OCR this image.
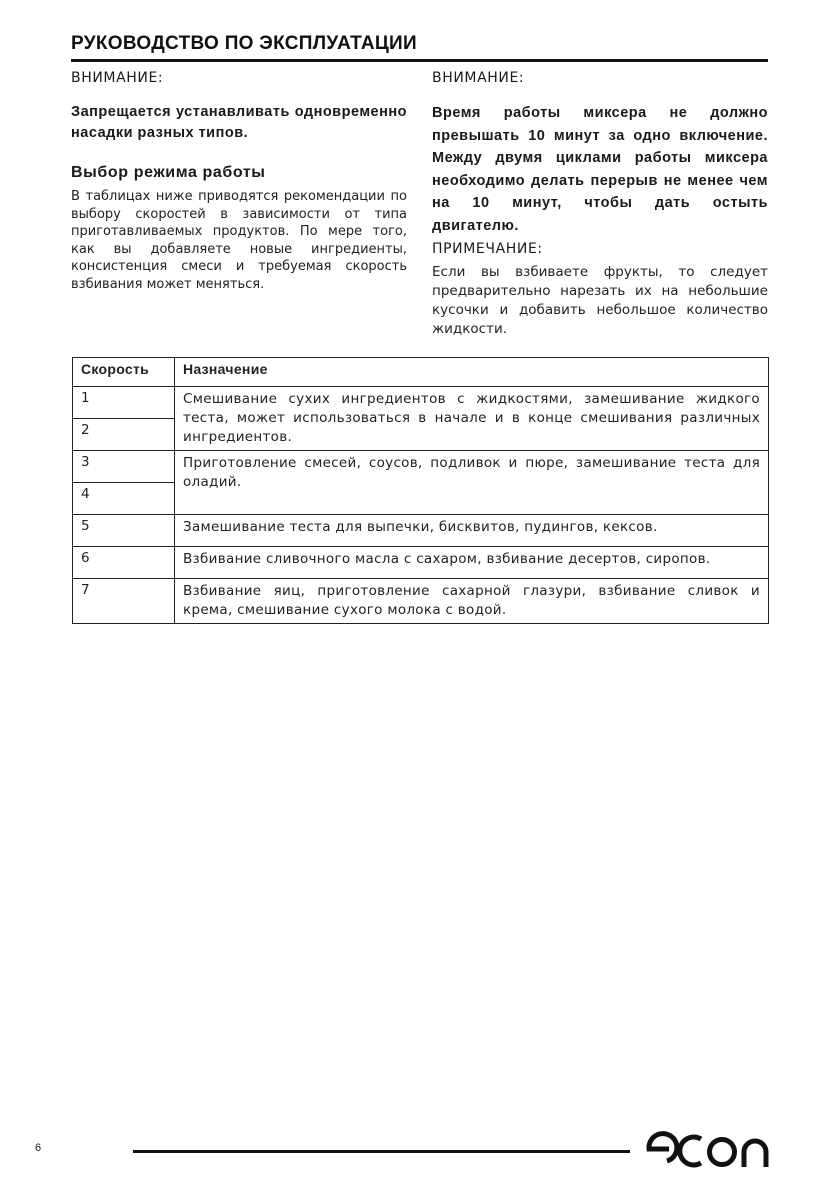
РУКОВОДСТВО ПО ЭКСПЛУАТАЦИИ

ВНИМАНИЕ:

Запрещается устанавливать одновременно насадки разных типов.

Выбор режима работы

В таблицах ниже приводятся рекомендации по выбору скоростей в зависимости от типа приготавливаемых продуктов. По мере того, как вы добавляете новые ингредиенты, консистенция смеси и требуемая скорость взбивания может меняться.

ВНИМАНИЕ:

Время работы миксера не должно превышать 10 минут за одно включение. Между двумя циклами работы миксера необходимо делать перерыв не менее чем на 10 минут, чтобы дать остыть двигателю.

ПРИМЕЧАНИЕ:

Если вы взбиваете фрукты, то следует предварительно нарезать их на небольшие кусочки и добавить небольшое количество жидкости.

Скорость	Назначение
1	Смешивание сухих ингредиентов с жидкостями, замешивание жидкого теста, может использоваться в начале и в конце смешивания различных ингредиентов.
2	
3	Приготовление смесей, соусов, подливок и пюре, замешивание теста для оладий.
4	
5	Замешивание теста для выпечки, бисквитов, пудингов, кексов.
6	Взбивание сливочного масла с сахаром, взбивание десертов, сиропов.
7	Взбивание яиц, приготовление сахарной глазури, взбивание сливок и крема, смешивание сухого молока с водой.
6
